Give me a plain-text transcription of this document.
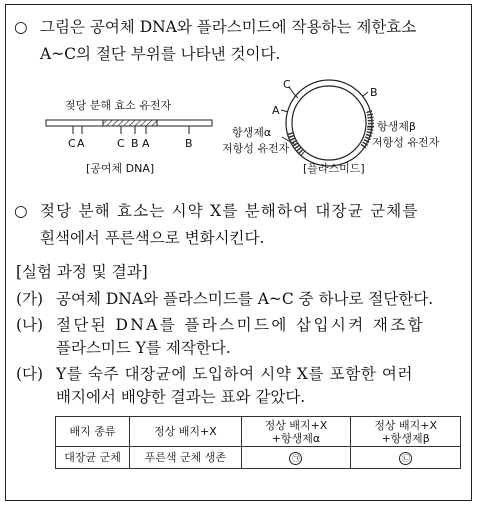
○ 그림은 공여체 DNA와 플라스미드에 작용하는 제한효소
A~C의 절단 부위를 나타낸 것이다.
젖당 분해 효소 유전자
C A	C B A	B
[공여체 DNA]
C
A
B
항생제α
저항성 유전자
항생제β
저항성 유전자
[플라스미드]
○ 젖당 분해 효소는 시약 X를 분해하여 대장균 군체를
흰색에서 푸른색으로 변화시킨다.
[실험 과정 및 결과]
(가) 공여체 DNA와 플라스미드를 A~C 중 하나로 절단한다.
(나) 절단된 DNA를 플라스미드에 삽입시켜 재조합
플라스미드 Y를 제작한다.
(다) Y를 숙주 대장균에 도입하여 시약 X를 포함한 여러
배지에서 배양한 결과는 표와 같았다.
배지 종류	정상 배지+X	정상 배지+X
+항생제α	정상 배지+X
+항생제β
대장균 군체	푸른색 군체 생존	㉠	㉡
